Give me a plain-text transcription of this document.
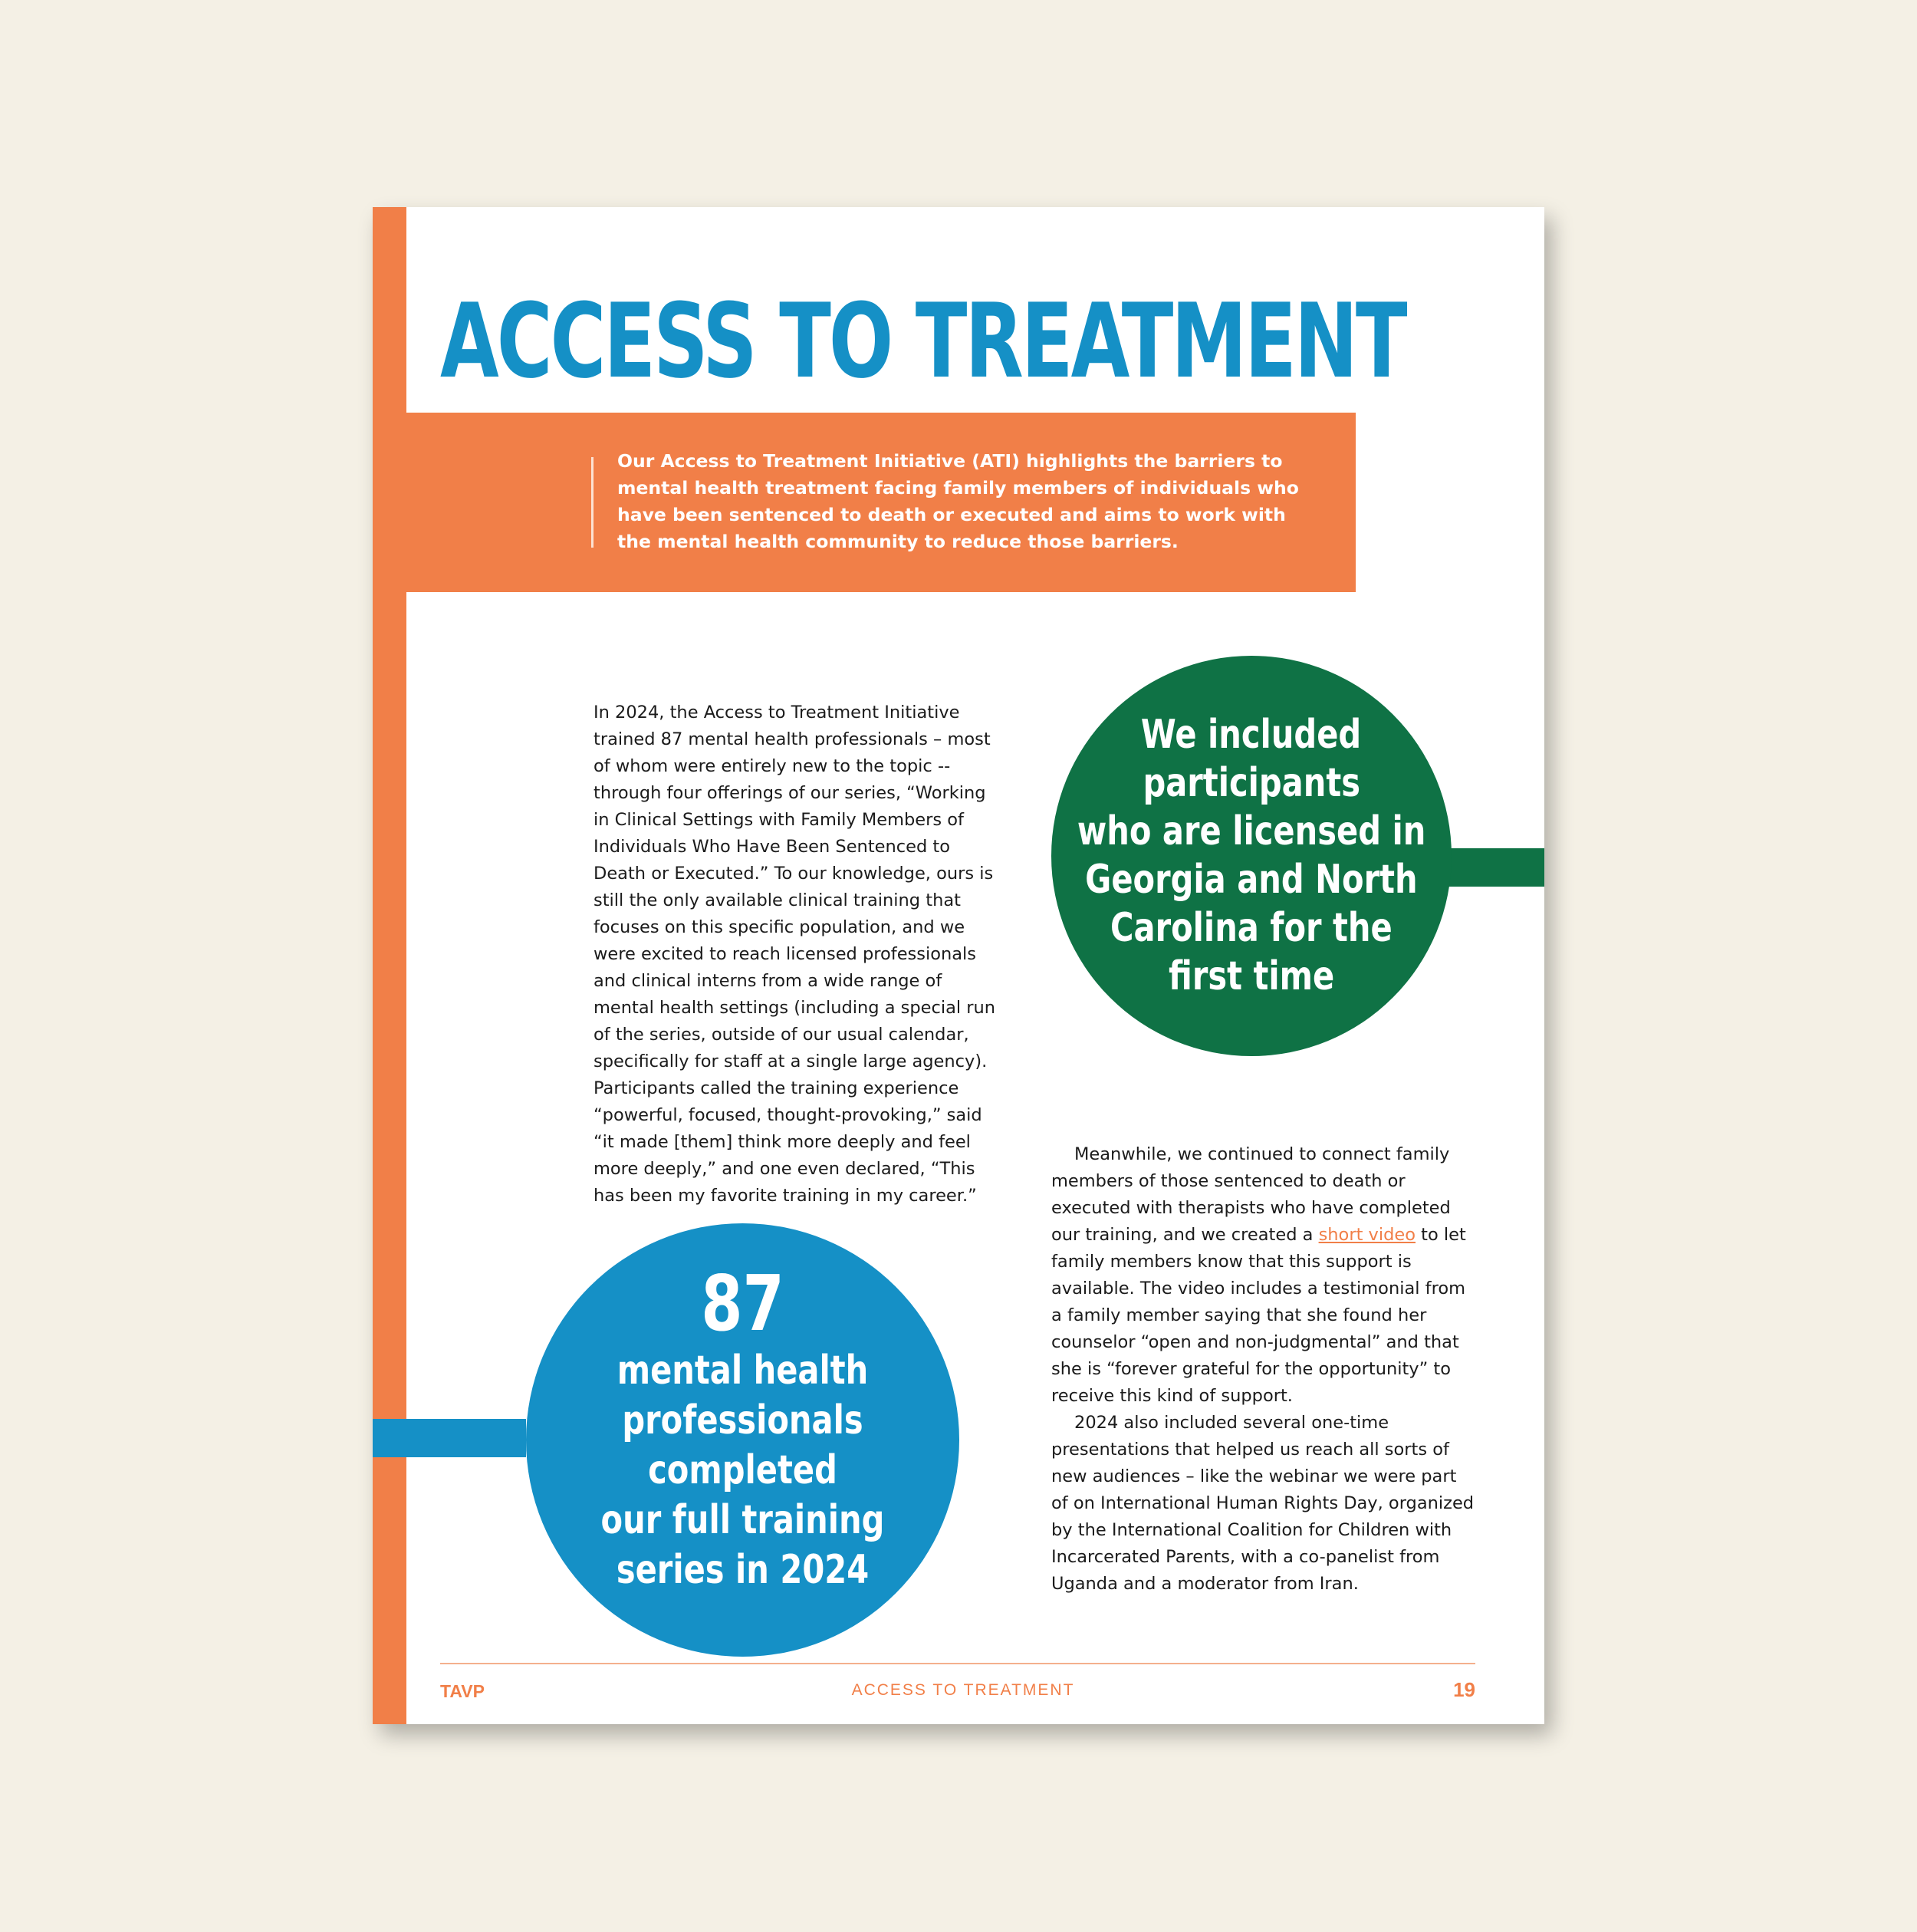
ACCESS TO TREATMENT

Our Access to Treatment Initiative (ATI) highlights the barriers to mental health treatment facing family members of individuals who have been sentenced to death or executed and aims to work with the mental health community to reduce those barriers.

In 2024, the Access to Treatment Initiative trained 87 mental health professionals – most of whom were entirely new to the topic -- through four offerings of our series, “Working in Clinical Settings with Family Members of Individuals Who Have Been Sentenced to Death or Executed.” To our knowledge, ours is still the only available clinical training that focuses on this specific population, and we were excited to reach licensed professionals and clinical interns from a wide range of mental health settings (including a special run of the series, outside of our usual calendar, specifically for staff at a single large agency). Participants called the training experience “powerful, focused, thought-provoking,” said “it made [them] think more deeply and feel more deeply,” and one even declared, “This has been my favorite training in my career.”

We included
participants
who are licensed in
Georgia and North
Carolina for the
first time

Meanwhile, we continued to connect family members of those sentenced to death or executed with therapists who have completed our training, and we created a short video to let family members know that this support is available. The video includes a testimonial from a family member saying that she found her counselor “open and non-judgmental” and that she is “forever grateful for the opportunity” to receive this kind of support.

2024 also included several one-time presentations that helped us reach all sorts of new audiences – like the webinar we were part of on International Human Rights Day, organized by the International Coalition for Children with Incarcerated Parents, with a co-panelist from Uganda and a moderator from Iran.

87
mental health
professionals
completed
our full training
series in 2024
TAVP	ACCESS TO TREATMENT	19
